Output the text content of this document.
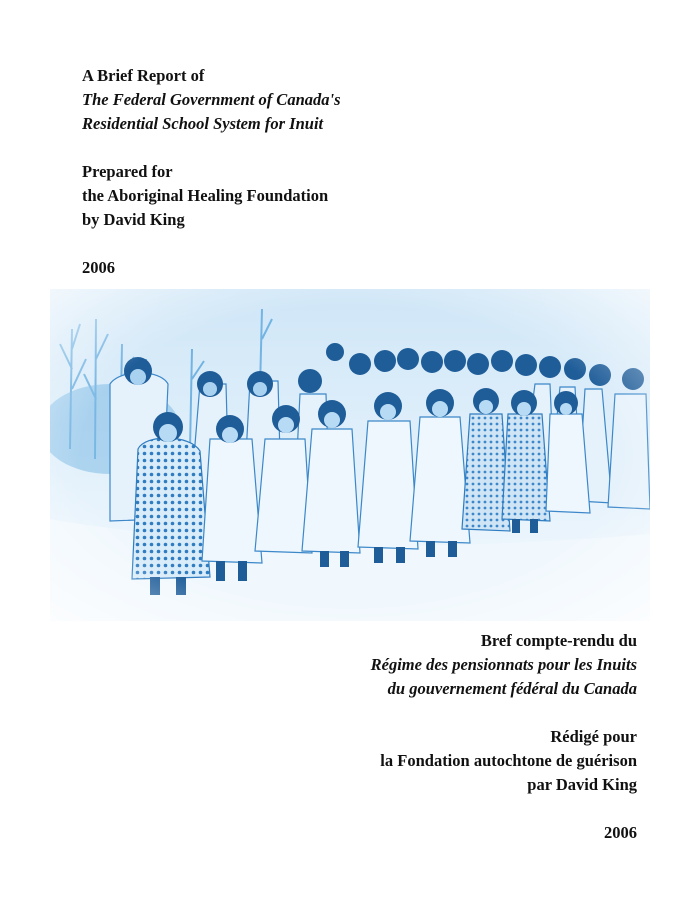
A Brief Report of

The Federal Government of Canada's

Residential School System for Inuit

Prepared for

the Aboriginal Healing Foundation

by David King

2006

Bref compte-rendu du

Régime des pensionnats pour les Inuits

du gouvernement fédéral du Canada

Rédigé pour

la Fondation autochtone de guérison

par David King

2006
